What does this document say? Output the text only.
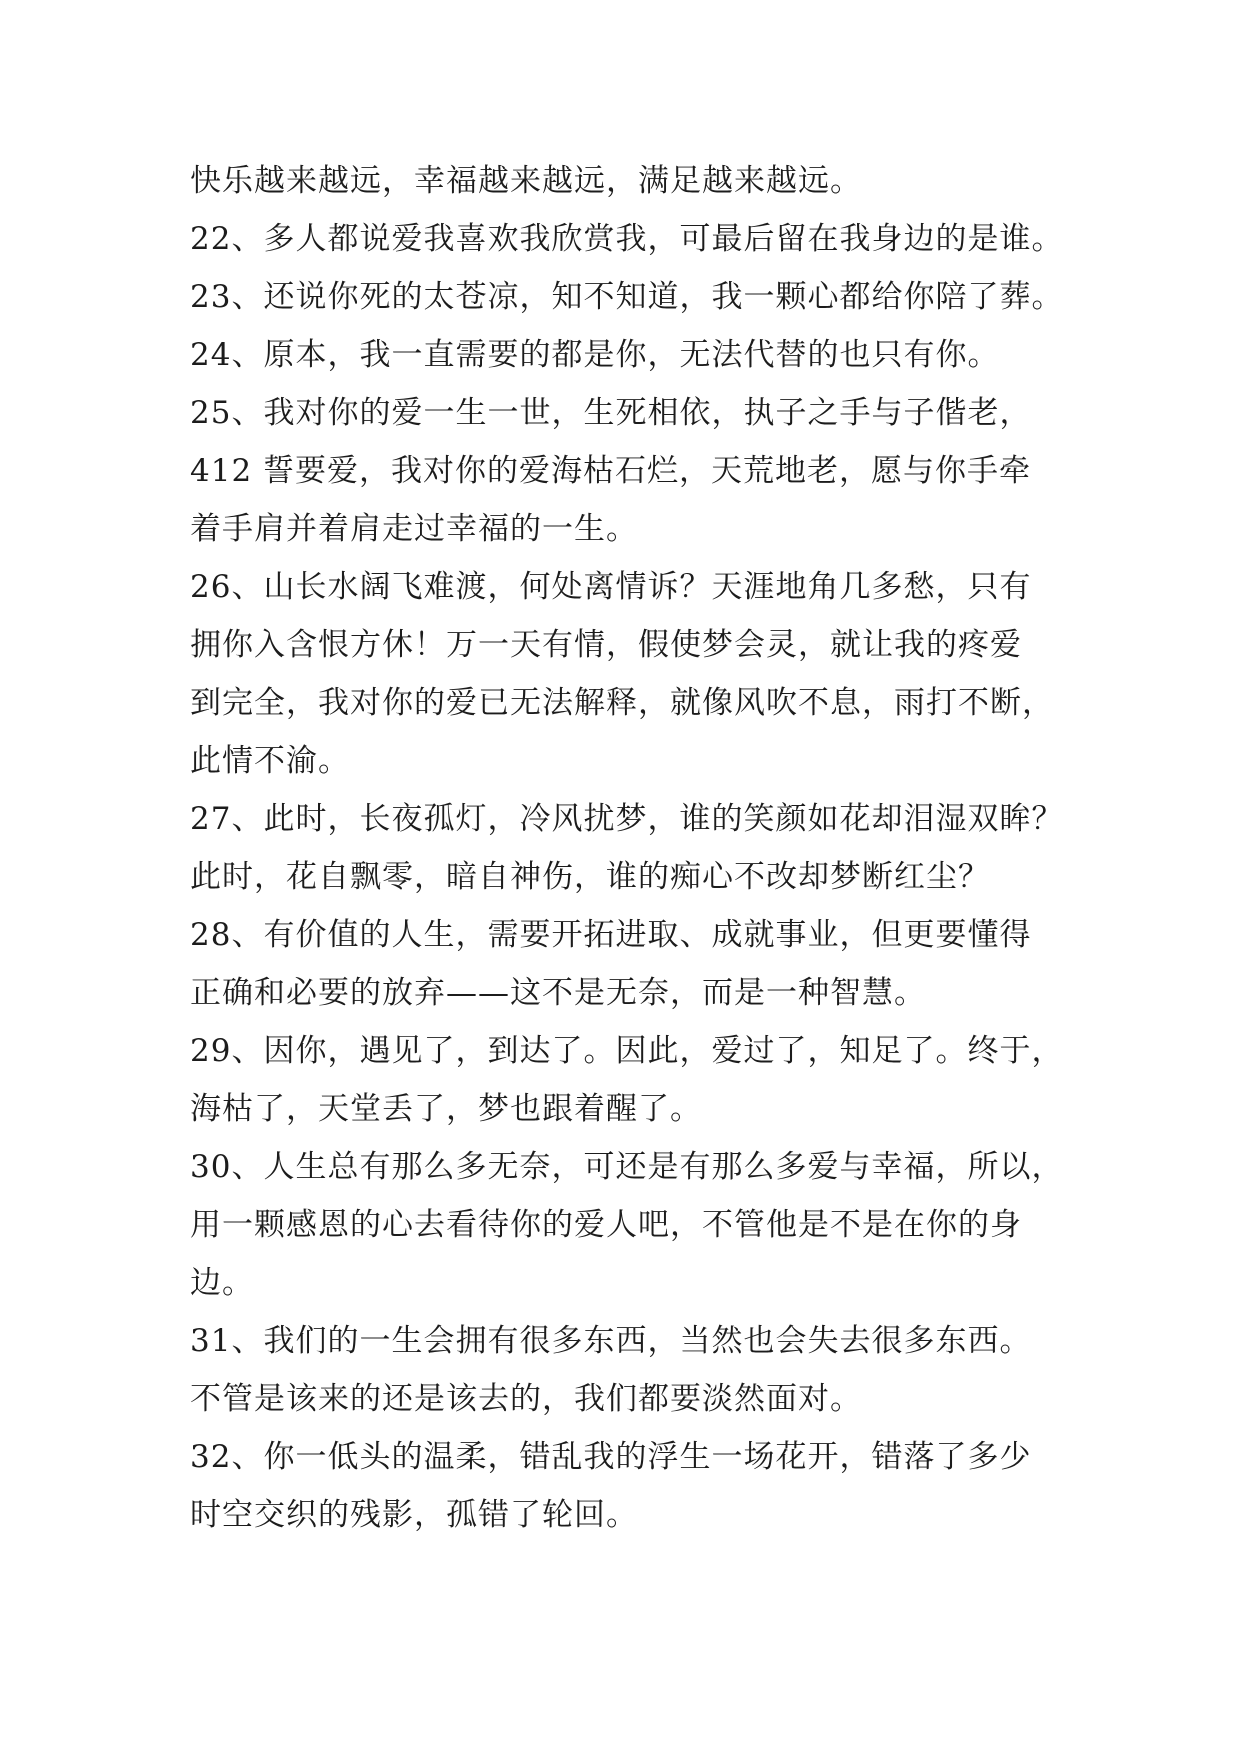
快乐越来越远，幸福越来越远，满足越来越远。
22、多人都说爱我喜欢我欣赏我，可最后留在我身边的是谁。
23、还说你死的太苍凉，知不知道，我一颗心都给你陪了葬。
24、原本，我一直需要的都是你，无法代替的也只有你。
25、我对你的爱一生一世，生死相依，执子之手与子偕老，
412 誓要爱，我对你的爱海枯石烂，天荒地老，愿与你手牵
着手肩并着肩走过幸福的一生。
26、山长水阔飞难渡，何处离情诉？天涯地角几多愁，只有
拥你入含恨方休！万一天有情，假使梦会灵，就让我的疼爱
到完全，我对你的爱已无法解释，就像风吹不息，雨打不断，
此情不渝。
27、此时，长夜孤灯，冷风扰梦，谁的笑颜如花却泪湿双眸？
此时，花自飘零，暗自神伤，谁的痴心不改却梦断红尘？
28、有价值的人生，需要开拓进取、成就事业，但更要懂得
正确和必要的放弃——这不是无奈，而是一种智慧。
29、因你，遇见了，到达了。因此，爱过了，知足了。终于，
海枯了，天堂丢了，梦也跟着醒了。
30、人生总有那么多无奈，可还是有那么多爱与幸福，所以，
用一颗感恩的心去看待你的爱人吧，不管他是不是在你的身
边。
31、我们的一生会拥有很多东西，当然也会失去很多东西。
不管是该来的还是该去的，我们都要淡然面对。
32、你一低头的温柔，错乱我的浮生一场花开，错落了多少
时空交织的残影，孤错了轮回。
